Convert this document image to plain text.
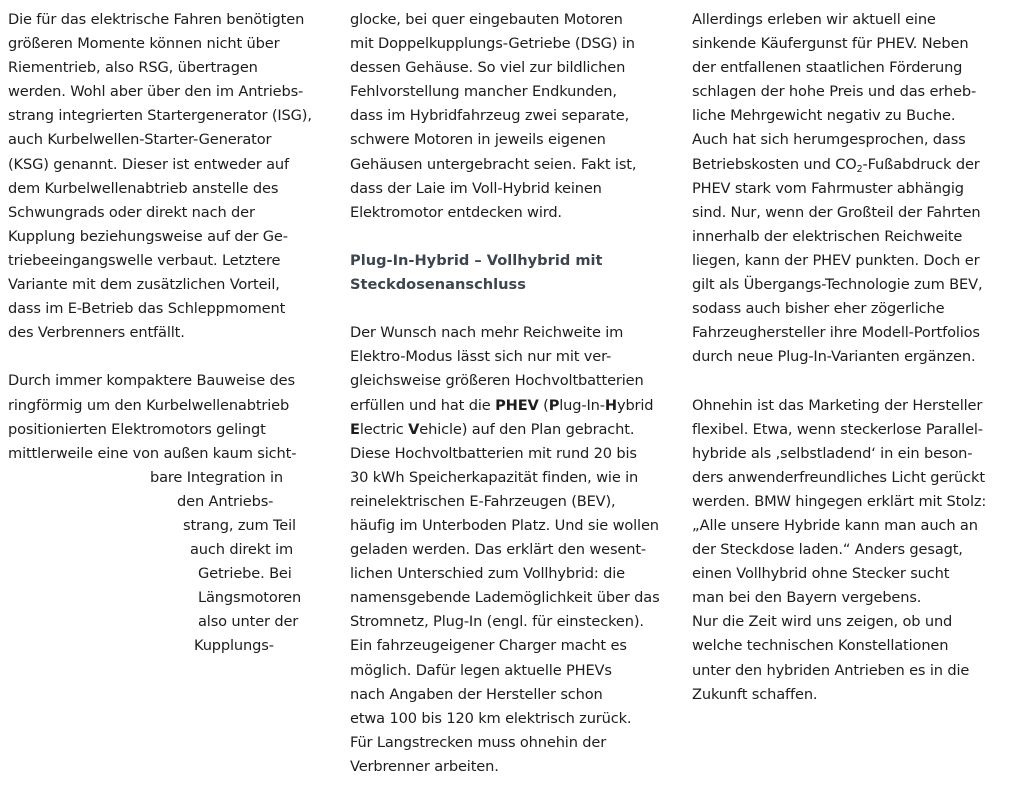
Die für das elektrische Fahren benötigten
größeren Momente können nicht über
Riementrieb, also RSG, übertragen
werden. Wohl aber über den im Antriebs-
strang integrierten Startergenerator (ISG),
auch Kurbelwellen-Starter-Generator
(KSG) genannt. Dieser ist entweder auf
dem Kurbelwellenabtrieb anstelle des
Schwungrads oder direkt nach der
Kupplung beziehungsweise auf der Ge-
triebeeingangswelle verbaut. Letztere
Variante mit dem zusätzlichen Vorteil,
dass im E-Betrieb das Schleppmoment
des Verbrenners entfällt.
Durch immer kompaktere Bauweise des
ringförmig um den Kurbelwellenabtrieb
positionierten Elektromotors gelingt
mittlerweile eine von außen kaum sicht-
bare Integration in
den Antriebs-
strang, zum Teil
auch direkt im
Getriebe. Bei
Längsmotoren
also unter der
Kupplungs-
glocke, bei quer eingebauten Motoren
mit Doppelkupplungs-Getriebe (DSG) in
dessen Gehäuse. So viel zur bildlichen
Fehlvorstellung mancher Endkunden,
dass im Hybridfahrzeug zwei separate,
schwere Motoren in jeweils eigenen
Gehäusen untergebracht seien. Fakt ist,
dass der Laie im Voll-Hybrid keinen
Elektromotor entdecken wird.
Plug-In-Hybrid – Vollhybrid mit
Steckdosenanschluss
Der Wunsch nach mehr Reichweite im
Elektro-Modus lässt sich nur mit ver-
gleichsweise größeren Hochvoltbatterien
erfüllen und hat die PHEV (Plug-In-Hybrid
Electric Vehicle) auf den Plan gebracht.
Diese Hochvoltbatterien mit rund 20 bis
30 kWh Speicherkapazität finden, wie in
reinelektrischen E-Fahrzeugen (BEV),
häufig im Unterboden Platz. Und sie wollen
geladen werden. Das erklärt den wesent-
lichen Unterschied zum Vollhybrid: die
namensgebende Lademöglichkeit über das
Stromnetz, Plug-In (engl. für einstecken).
Ein fahrzeugeigener Charger macht es
möglich. Dafür legen aktuelle PHEVs
nach Angaben der Hersteller schon
etwa 100 bis 120 km elektrisch zurück.
Für Langstrecken muss ohnehin der
Verbrenner arbeiten.
Allerdings erleben wir aktuell eine
sinkende Käufergunst für PHEV. Neben
der entfallenen staatlichen Förderung
schlagen der hohe Preis und das erheb-
liche Mehrgewicht negativ zu Buche.
Auch hat sich herumgesprochen, dass
Betriebskosten und $CO_2$-Fußabdruck der
PHEV stark vom Fahrmuster abhängig
sind. Nur, wenn der Großteil der Fahrten
innerhalb der elektrischen Reichweite
liegen, kann der PHEV punkten. Doch er
gilt als Übergangs-Technologie zum BEV,
sodass auch bisher eher zögerliche
Fahrzeughersteller ihre Modell-Portfolios
durch neue Plug-In-Varianten ergänzen.
Ohnehin ist das Marketing der Hersteller
flexibel. Etwa, wenn steckerlose Parallel-
hybride als ‚selbstladend‘ in ein beson-
ders anwenderfreundliches Licht gerückt
werden. BMW hingegen erklärt mit Stolz:
„Alle unsere Hybride kann man auch an
der Steckdose laden.“ Anders gesagt,
einen Vollhybrid ohne Stecker sucht
man bei den Bayern vergebens.
Nur die Zeit wird uns zeigen, ob und
welche technischen Konstellationen
unter den hybriden Antrieben es in die
Zukunft schaffen.
